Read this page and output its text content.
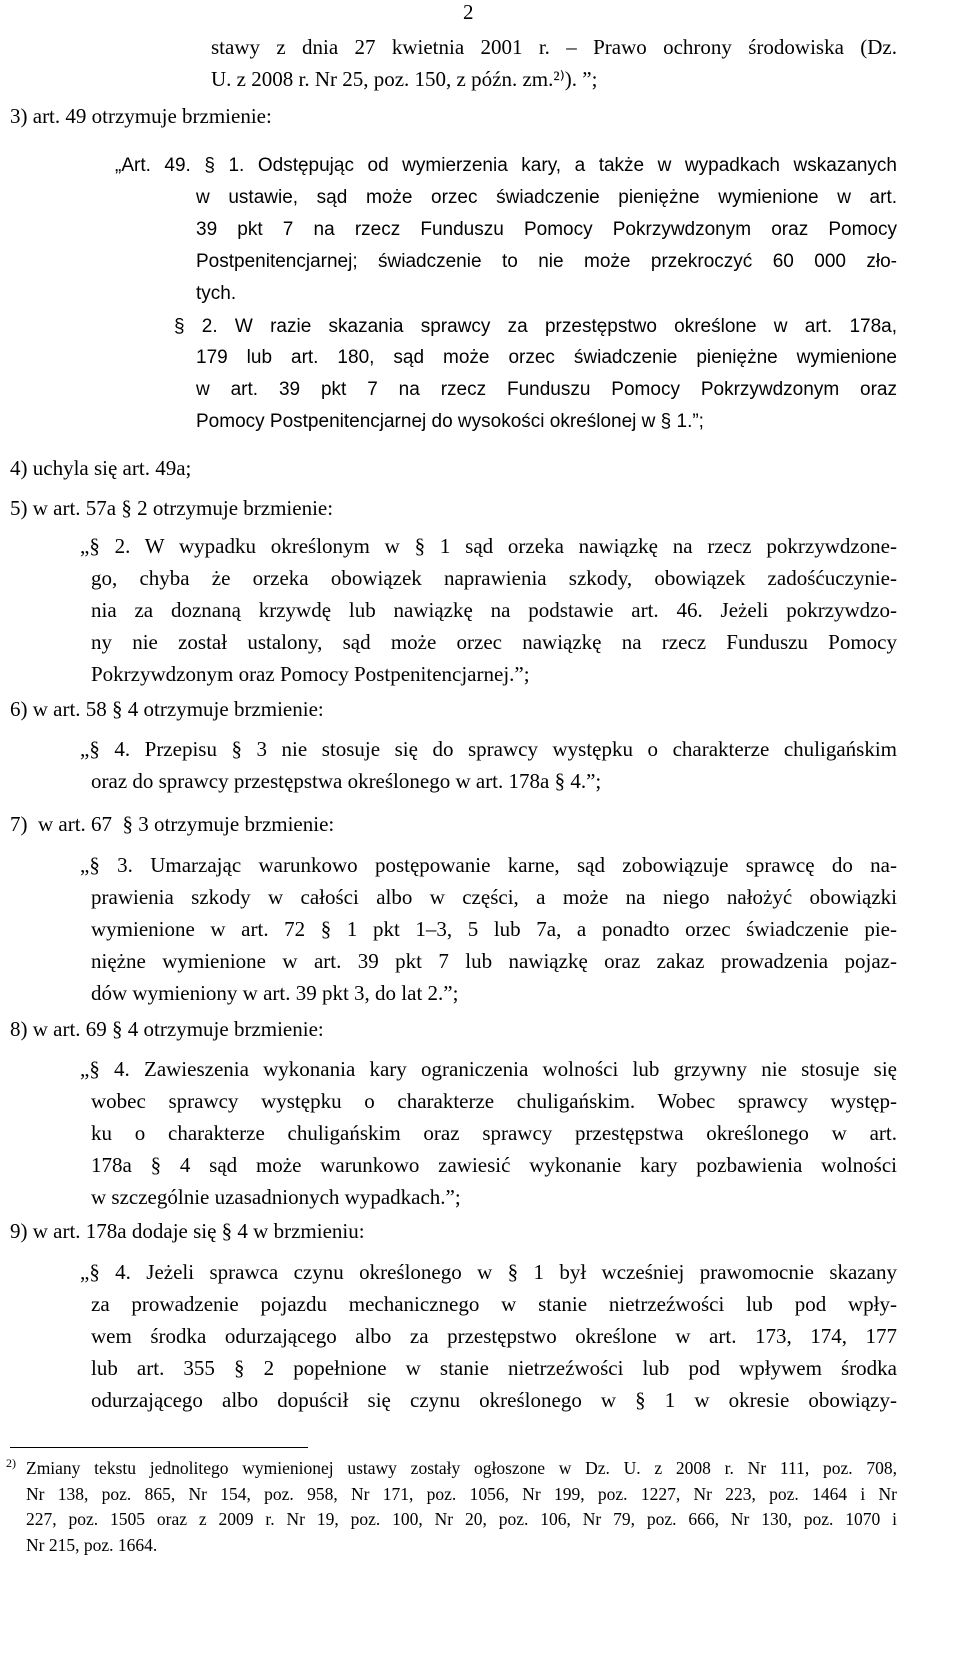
2
stawy z dnia 27 kwietnia 2001 r. – Prawo ochrony środowiska (Dz.
U. z 2008 r. Nr 25, poz. 150, z późn. zm.²⁾). ”;
3) art. 49 otrzymuje brzmienie:
„Art. 49. § 1. Odstępując od wymierzenia kary, a także w wypadkach wskazanych
w ustawie, sąd może orzec świadczenie pieniężne wymienione w art.
39 pkt 7 na rzecz Funduszu Pomocy Pokrzywdzonym oraz Pomocy
Postpenitencjarnej; świadczenie to nie może przekroczyć 60 000 zło-
tych.
§ 2. W razie skazania sprawcy za przestępstwo określone w art. 178a,
179 lub art. 180, sąd może orzec świadczenie pieniężne wymienione
w art. 39 pkt 7 na rzecz Funduszu Pomocy Pokrzywdzonym oraz
Pomocy Postpenitencjarnej do wysokości określonej w § 1.”;
4) uchyla się art. 49a;
5) w art. 57a § 2 otrzymuje brzmienie:
„§ 2. W wypadku określonym w § 1 sąd orzeka nawiązkę na rzecz pokrzywdzone-
go, chyba że orzeka obowiązek naprawienia szkody, obowiązek zadośćuczynie-
nia za doznaną krzywdę lub nawiązkę na podstawie art. 46. Jeżeli pokrzywdzo-
ny nie został ustalony, sąd może orzec nawiązkę na rzecz Funduszu Pomocy
Pokrzywdzonym oraz Pomocy Postpenitencjarnej.”;
6) w art. 58 § 4 otrzymuje brzmienie:
„§ 4. Przepisu § 3 nie stosuje się do sprawcy występku o charakterze chuligańskim
oraz do sprawcy przestępstwa określonego w art. 178a § 4.”;
7)  w art. 67  § 3 otrzymuje brzmienie:
„§ 3. Umarzając warunkowo postępowanie karne, sąd zobowiązuje sprawcę do na-
prawienia szkody w całości albo w części, a może na niego nałożyć obowiązki
wymienione w art. 72 § 1 pkt 1–3, 5 lub 7a, a ponadto orzec świadczenie pie-
niężne wymienione w art. 39 pkt 7 lub nawiązkę oraz zakaz prowadzenia pojaz-
dów wymieniony w art. 39 pkt 3, do lat 2.”;
8) w art. 69 § 4 otrzymuje brzmienie:
„§ 4. Zawieszenia wykonania kary ograniczenia wolności lub grzywny nie stosuje się
wobec sprawcy występku o charakterze chuligańskim. Wobec sprawcy występ-
ku o charakterze chuligańskim oraz sprawcy przestępstwa określonego w art.
178a § 4 sąd może warunkowo zawiesić wykonanie kary pozbawienia wolności
w szczególnie uzasadnionych wypadkach.”;
9) w art. 178a dodaje się § 4 w brzmieniu:
„§ 4. Jeżeli sprawca czynu określonego w § 1 był wcześniej prawomocnie skazany
za prowadzenie pojazdu mechanicznego w stanie nietrzeźwości lub pod wpły-
wem środka odurzającego albo za przestępstwo określone w art. 173, 174, 177
lub art. 355 § 2 popełnione w stanie nietrzeźwości lub pod wpływem środka
odurzającego albo dopuścił się czynu określonego w § 1 w okresie obowiązy-
2) Zmiany tekstu jednolitego wymienionej ustawy zostały ogłoszone w Dz. U. z 2008 r. Nr 111, poz. 708,
Nr 138, poz. 865, Nr 154, poz. 958, Nr 171, poz. 1056, Nr 199, poz. 1227, Nr 223, poz. 1464 i Nr
227, poz. 1505 oraz z 2009 r. Nr 19, poz. 100, Nr 20, poz. 106, Nr 79, poz. 666, Nr 130, poz. 1070 i
Nr 215, poz. 1664.
